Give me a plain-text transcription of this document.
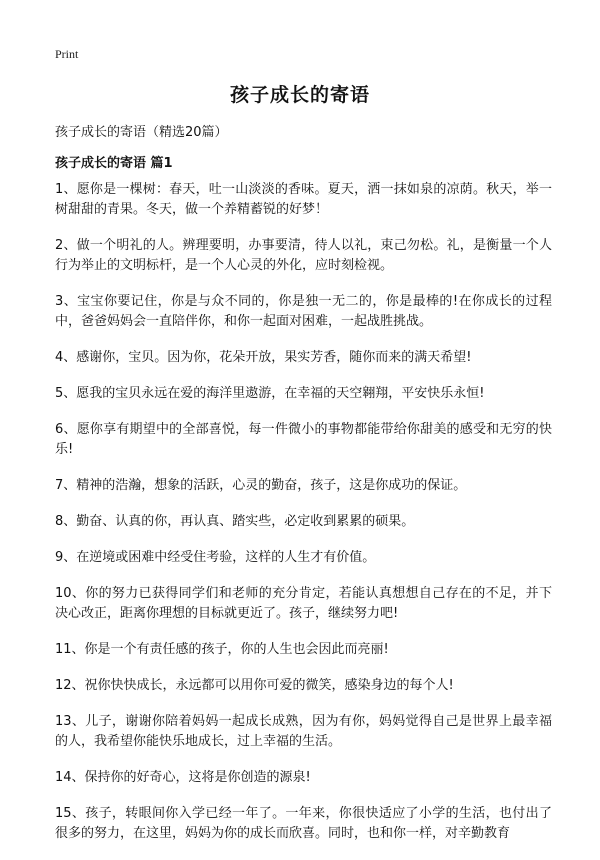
Print
孩子成长的寄语
孩子成长的寄语（精选20篇）
孩子成长的寄语 篇1

1、愿你是一棵树：春天，吐一山淡淡的香味。夏天，洒一抹如泉的凉荫。秋天，举一树甜甜的青果。冬天，做一个养精蓄锐的好梦！

2、做一个明礼的人。辨理要明，办事要清，待人以礼，束己勿松。礼，是衡量一个人行为举止的文明标杆，是一个人心灵的外化，应时刻检视。

3、宝宝你要记住，你是与众不同的，你是独一无二的，你是最棒的!在你成长的过程中，爸爸妈妈会一直陪伴你，和你一起面对困难，一起战胜挑战。

4、感谢你，宝贝。因为你，花朵开放，果实芳香，随你而来的满天希望!

5、愿我的宝贝永远在爱的海洋里遨游，在幸福的天空翱翔，平安快乐永恒!

6、愿你享有期望中的全部喜悦，每一件微小的事物都能带给你甜美的感受和无穷的快乐!

7、精神的浩瀚，想象的活跃，心灵的勤奋，孩子，这是你成功的保证。

8、勤奋、认真的你，再认真、踏实些，必定收到累累的硕果。

9、在逆境或困难中经受住考验，这样的人生才有价值。

10、你的努力已获得同学们和老师的充分肯定，若能认真想想自己存在的不足，并下决心改正，距离你理想的目标就更近了。孩子，继续努力吧!

11、你是一个有责任感的孩子，你的人生也会因此而亮丽!

12、祝你快快成长，永远都可以用你可爱的微笑，感染身边的每个人!

13、儿子，谢谢你陪着妈妈一起成长成熟，因为有你，妈妈觉得自己是世界上最幸福的人，我希望你能快乐地成长，过上幸福的生活。

14、保持你的好奇心，这将是你创造的源泉!

15、孩子，转眼间你入学已经一年了。一年来，你很快适应了小学的生活，也付出了很多的努力，在这里，妈妈为你的成长而欣喜。同时，也和你一样，对辛勤教育
